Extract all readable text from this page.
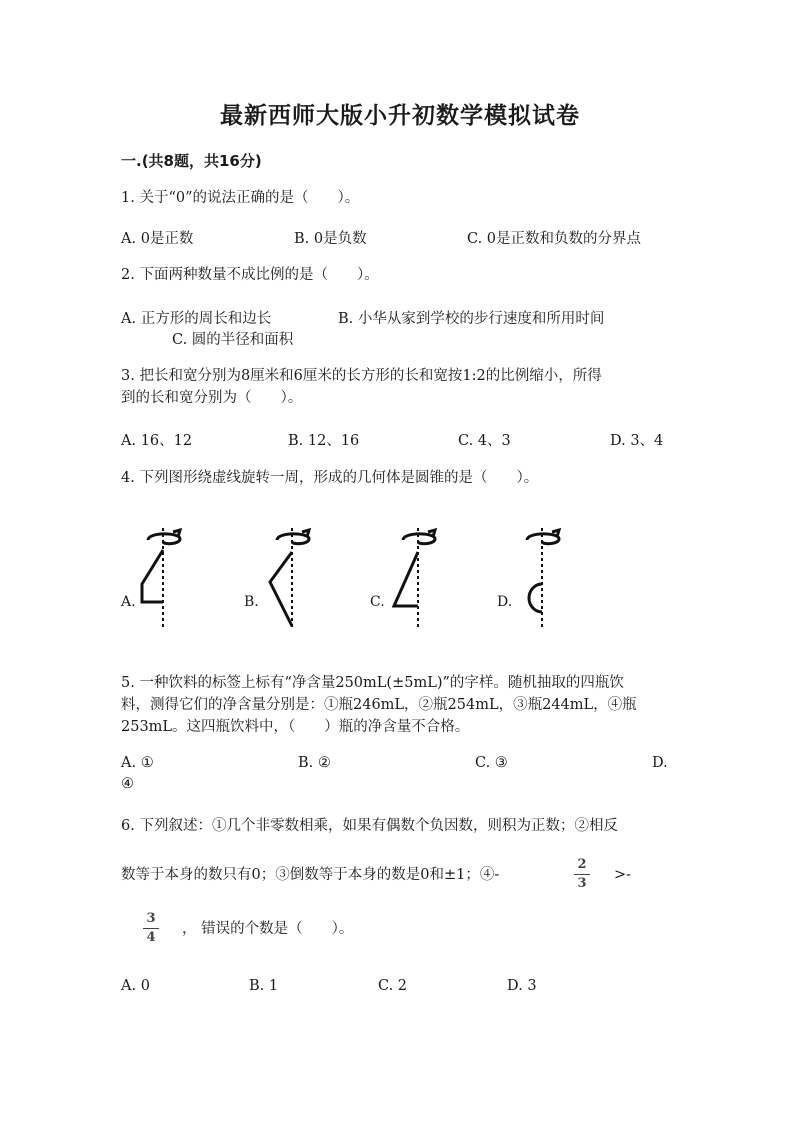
最新西师大版小升初数学模拟试卷
一.(共8题，共16分)
1. 关于“0”的说法正确的是（　　）。
A. 0是正数	B. 0是负数	C. 0是正数和负数的分界点
2. 下面两种数量不成比例的是（　　）。
A. 正方形的周长和边长	B. 小华从家到学校的步行速度和所用时间
C. 圆的半径和面积
3. 把长和宽分别为8厘米和6厘米的长方形的长和宽按1:2的比例缩小，所得
到的长和宽分别为（　　）。
A. 16、12	B. 12、16	C. 4、3	D. 3、4
4. 下列图形绕虚线旋转一周，形成的几何体是圆锥的是（　　）。
A.	B.	C.	D.
5. 一种饮料的标签上标有“净含量250mL(±5mL)”的字样。随机抽取的四瓶饮
料，测得它们的净含量分别是：①瓶246mL，②瓶254mL，③瓶244mL，④瓶
253mL。这四瓶饮料中，（　　）瓶的净含量不合格。
A. ①	B. ②	C. ③	D.
④
6. 下列叙述：①几个非零数相乘，如果有偶数个负因数，则积为正数；②相反
数等于本身的数只有0；③倒数等于本身的数是0和±1；④-
2
3
>-
3
4
， 错误的个数是（　　）。
A. 0	B. 1	C. 2	D. 3
